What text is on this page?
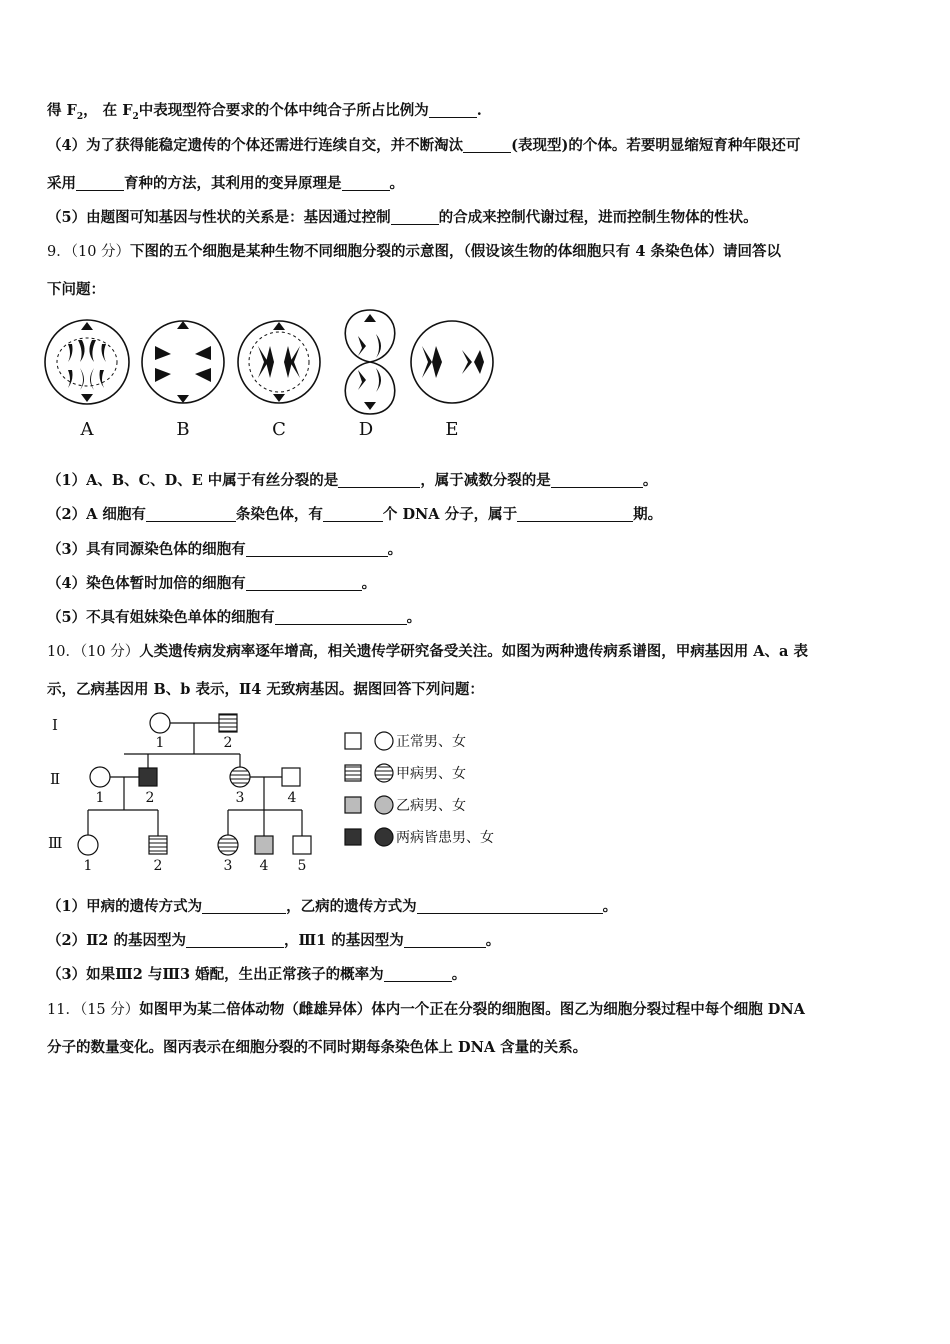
得 $F_2$， 在 $F_2$中表现型符合要求的个体中纯合子所占比例为	.
（4）为了获得能稳定遗传的个体还需进行连续自交，并不断淘汰	(表现型)的个体。若要明显缩短育种年限还可
采用	育种的方法，其利用的变异原理是	。
（5）由题图可知基因与性状的关系是：基因通过控制	的合成来控制代谢过程，进而控制生物体的性状。
9．（10 分）下图的五个细胞是某种生物不同细胞分裂的示意图，（假设该生物的体细胞只有 4 条染色体）请回答以
下问题：
A	B	C	D	E
（1）A、B、C、D、E 中属于有丝分裂的是	，属于减数分裂的是	。
（2）A 细胞有	条染色体，有	个 DNA 分子，属于	期。
（3）具有同源染色体的细胞有	。
（4）染色体暂时加倍的细胞有	。
（5）不具有姐妹染色单体的细胞有	。
10．（10 分）人类遗传病发病率逐年增高，相关遗传学研究备受关注。如图为两种遗传病系谱图，甲病基因用 A、a 表
示，乙病基因用 B、b 表示，Ⅱ4 无致病基因。据图回答下列问题：
Ⅰ
Ⅱ
Ⅲ
1	2
1	2	3	4
1	2	3 4 5
正常男、女
甲病男、女
乙病男、女
两病皆患男、女
（1）甲病的遗传方式为	，乙病的遗传方式为	。
（2）Ⅱ2 的基因型为	，Ⅲ1 的基因型为	。
（3）如果Ⅲ2 与Ⅲ3 婚配，生出正常孩子的概率为	。
11．（15 分）如图甲为某二倍体动物（雌雄异体）体内一个正在分裂的细胞图。图乙为细胞分裂过程中每个细胞 DNA
分子的数量变化。图丙表示在细胞分裂的不同时期每条染色体上 DNA 含量的关系。
